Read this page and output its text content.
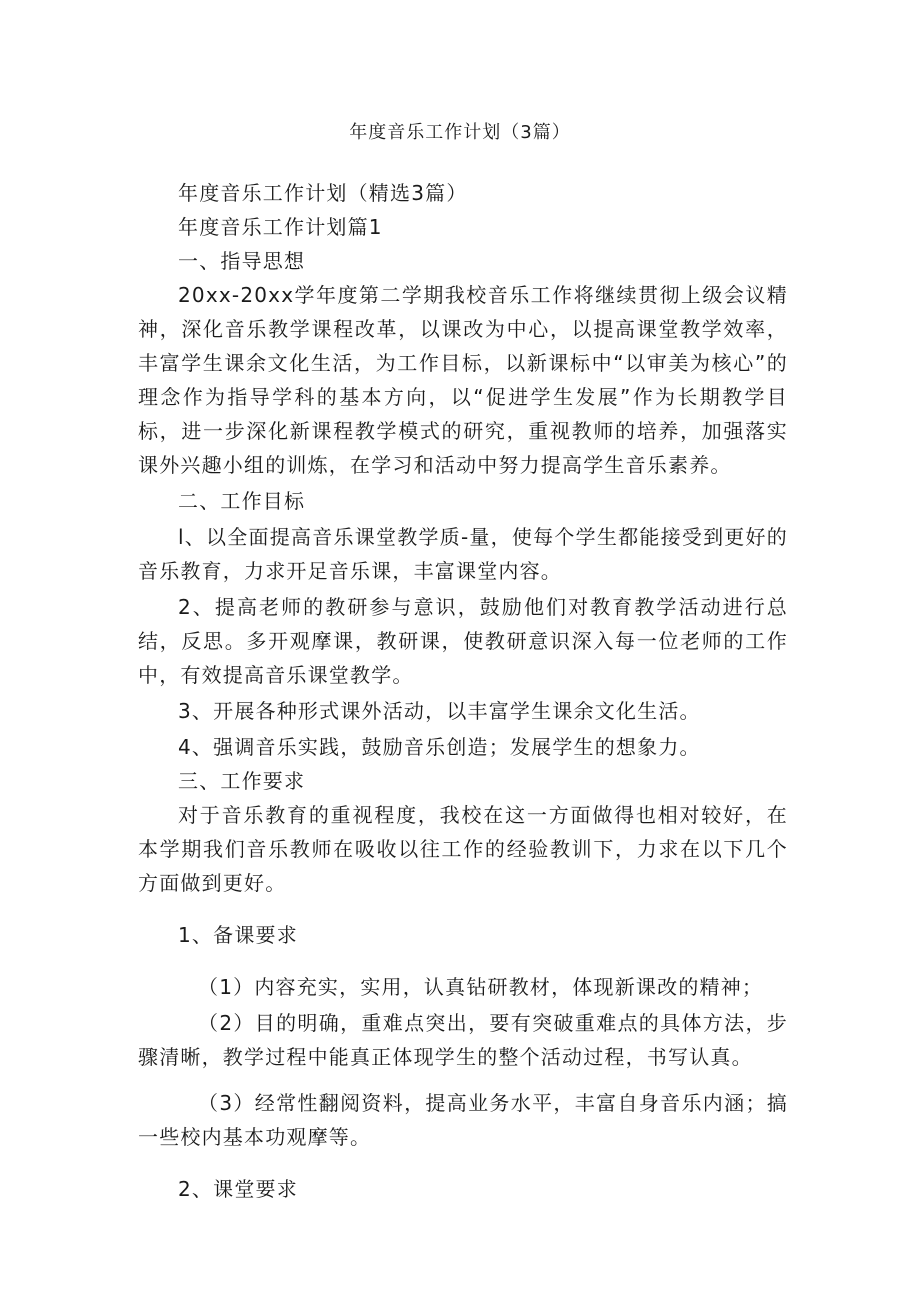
年度音乐工作计划（3篇）

年度音乐工作计划（精选3篇）

年度音乐工作计划篇1

一、指导思想

20xx-20xx学年度第二学期我校音乐工作将继续贯彻上级会议精神，深化音乐教学课程改革，以课改为中心，以提高课堂教学效率，丰富学生课余文化生活，为工作目标，以新课标中“以审美为核心”的理念作为指导学科的基本方向，以“促进学生发展”作为长期教学目标，进一步深化新课程教学模式的研究，重视教师的培养，加强落实课外兴趣小组的训炼，在学习和活动中努力提高学生音乐素养。

二、工作目标

l、以全面提高音乐课堂教学质-量，使每个学生都能接受到更好的音乐教育，力求开足音乐课，丰富课堂内容。

2、提高老师的教研参与意识，鼓励他们对教育教学活动进行总结，反思。多开观摩课，教研课，使教研意识深入每一位老师的工作中，有效提高音乐课堂教学。

3、开展各种形式课外活动，以丰富学生课余文化生活。

4、强调音乐实践，鼓励音乐创造；发展学生的想象力。

三、工作要求

对于音乐教育的重视程度，我校在这一方面做得也相对较好，在本学期我们音乐教师在吸收以往工作的经验教训下，力求在以下几个方面做到更好。

1、备课要求

（1）内容充实，实用，认真钻研教材，体现新课改的精神；

（2）目的明确，重难点突出，要有突破重难点的具体方法，步骤清晰，教学过程中能真正体现学生的整个活动过程，书写认真。

（3）经常性翻阅资料，提高业务水平，丰富自身音乐内涵；搞一些校内基本功观摩等。

2、课堂要求
